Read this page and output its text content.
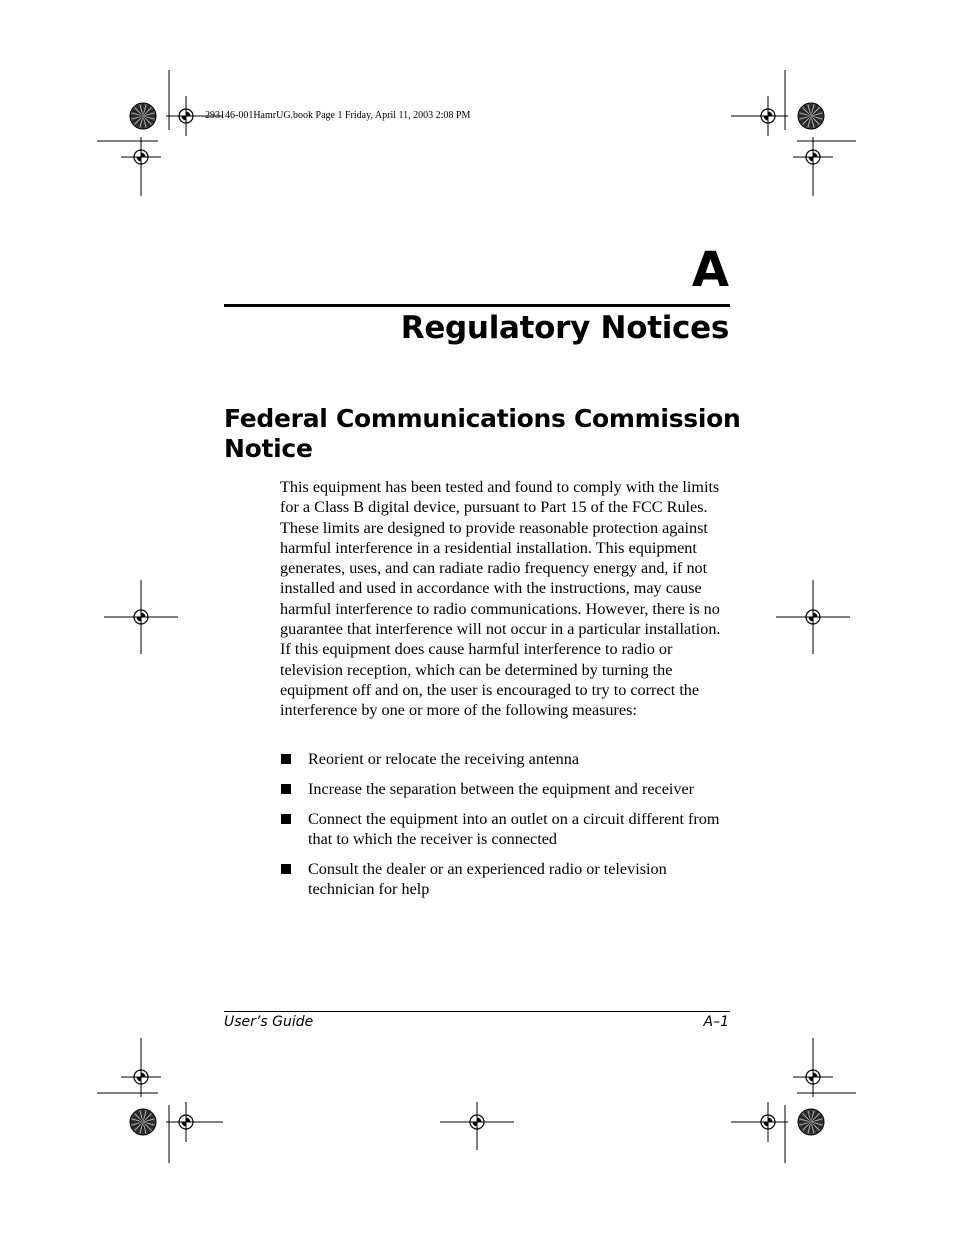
293146-001HamrUG.book Page 1 Friday, April 11, 2003 2:08 PM
A
Regulatory Notices
Federal Communications Commission Notice

This equipment has been tested and found to comply with the limits for a Class B digital device, pursuant to Part 15 of the FCC Rules. These limits are designed to provide reasonable protection against harmful interference in a residential installation. This equipment generates, uses, and can radiate radio frequency energy and, if not installed and used in accordance with the instructions, may cause harmful interference to radio communications. However, there is no guarantee that interference will not occur in a particular installation. If this equipment does cause harmful interference to radio or television reception, which can be determined by turning the equipment off and on, the user is encouraged to try to correct the interference by one or more of the following measures:

Reorient or relocate the receiving antenna
Increase the separation between the equipment and receiver
Connect the equipment into an outlet on a circuit different from that to which the receiver is connected
Consult the dealer or an experienced radio or television technician for help
User’s Guide	A–1
